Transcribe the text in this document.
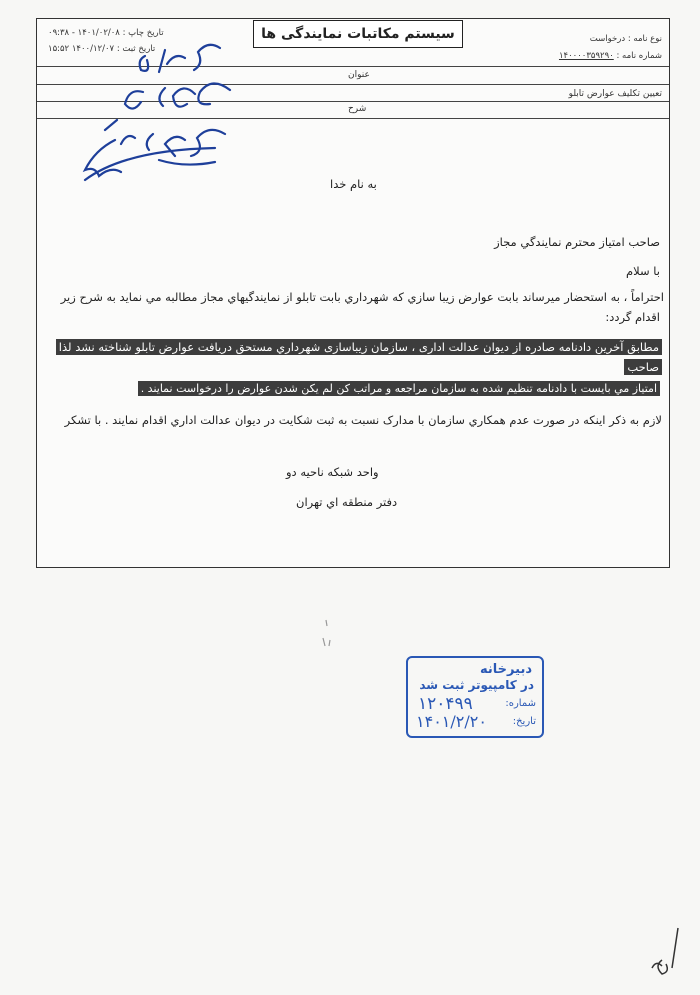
سیستم مکاتبات نمایندگی ها
تاریخ چاپ : ۱۴۰۱/۰۲/۰۸ - ۰۹:۳۸
تاریخ ثبت : ۱۴۰۰/۱۲/۰۷ ۱۵:۵۲
نوع نامه : درخواست
شماره نامه : ۱۴۰۰۰۰۳۵۹۲۹۰
عنوان
تعیین تکلیف عوارض تابلو
شرح
به نام خدا
صاحب امتیاز محترم نمایندگي مجاز
با سلام
احتراماً ، به استحضار میرساند بابت عوارض زیبا سازي که شهرداري بابت تابلو از نمایندگیهاي مجاز مطالبه مي نماید به شرح زیر
اقدام گردد:
مطابق آخرین دادنامه صادره از دیوان عدالت اداری ، سازمان زیباسازی شهرداري مستحق دریافت عوارض تابلو شناخته نشد لذا
صاحب
امتیاز مي بایست با دادنامه تنظیم شده به سازمان مراجعه و مراتب کن لم یکن شدن عوارض را درخواست نمایند .
لازم به ذکر اینکه در صورت عدم همکاري سازمان با مدارک نسبت به ثبت شکایت در دیوان عدالت اداري اقدام نمایند . با تشکر
واحد شبکه ناحیه دو
دفتر منطقه اي تهران
دبیرخانه
در کامپیوتر ثبت شد
شماره:
۱۲۰۴۹۹
تاریخ:
۱۴۰۱/۲/۲۰
